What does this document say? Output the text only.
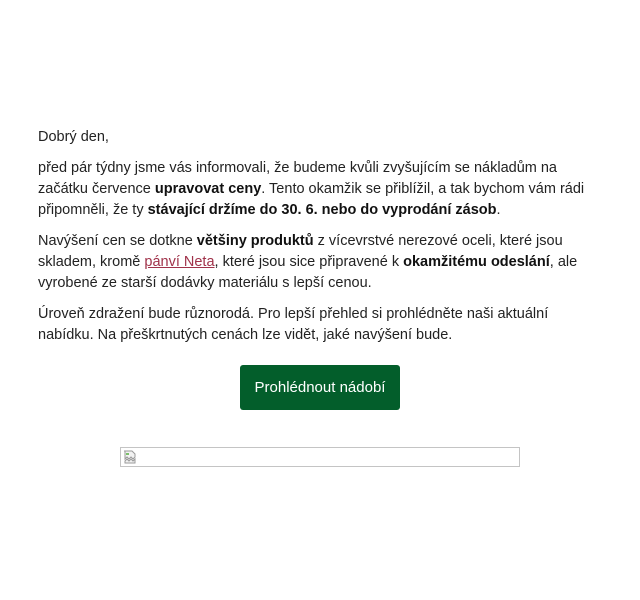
Dobrý den,

před pár týdny jsme vás informovali, že budeme kvůli zvyšujícím se nákladům na začátku července upravovat ceny. Tento okamžik se přiblížil, a tak bychom vám rádi připomněli, že ty stávající držíme do 30. 6. nebo do vyprodání zásob.

Navýšení cen se dotkne většiny produktů z vícevrstvé nerezové oceli, které jsou skladem, kromě pánví Neta, které jsou sice připravené k okamžitému odeslání, ale vyrobené ze starší dodávky materiálu s lepší cenou.

Úroveň zdražení bude různorodá. Pro lepší přehled si prohlédněte naši aktuální nabídku. Na přeškrtnutých cenách lze vidět, jaké navýšení bude.

Prohlédnout nádobí
